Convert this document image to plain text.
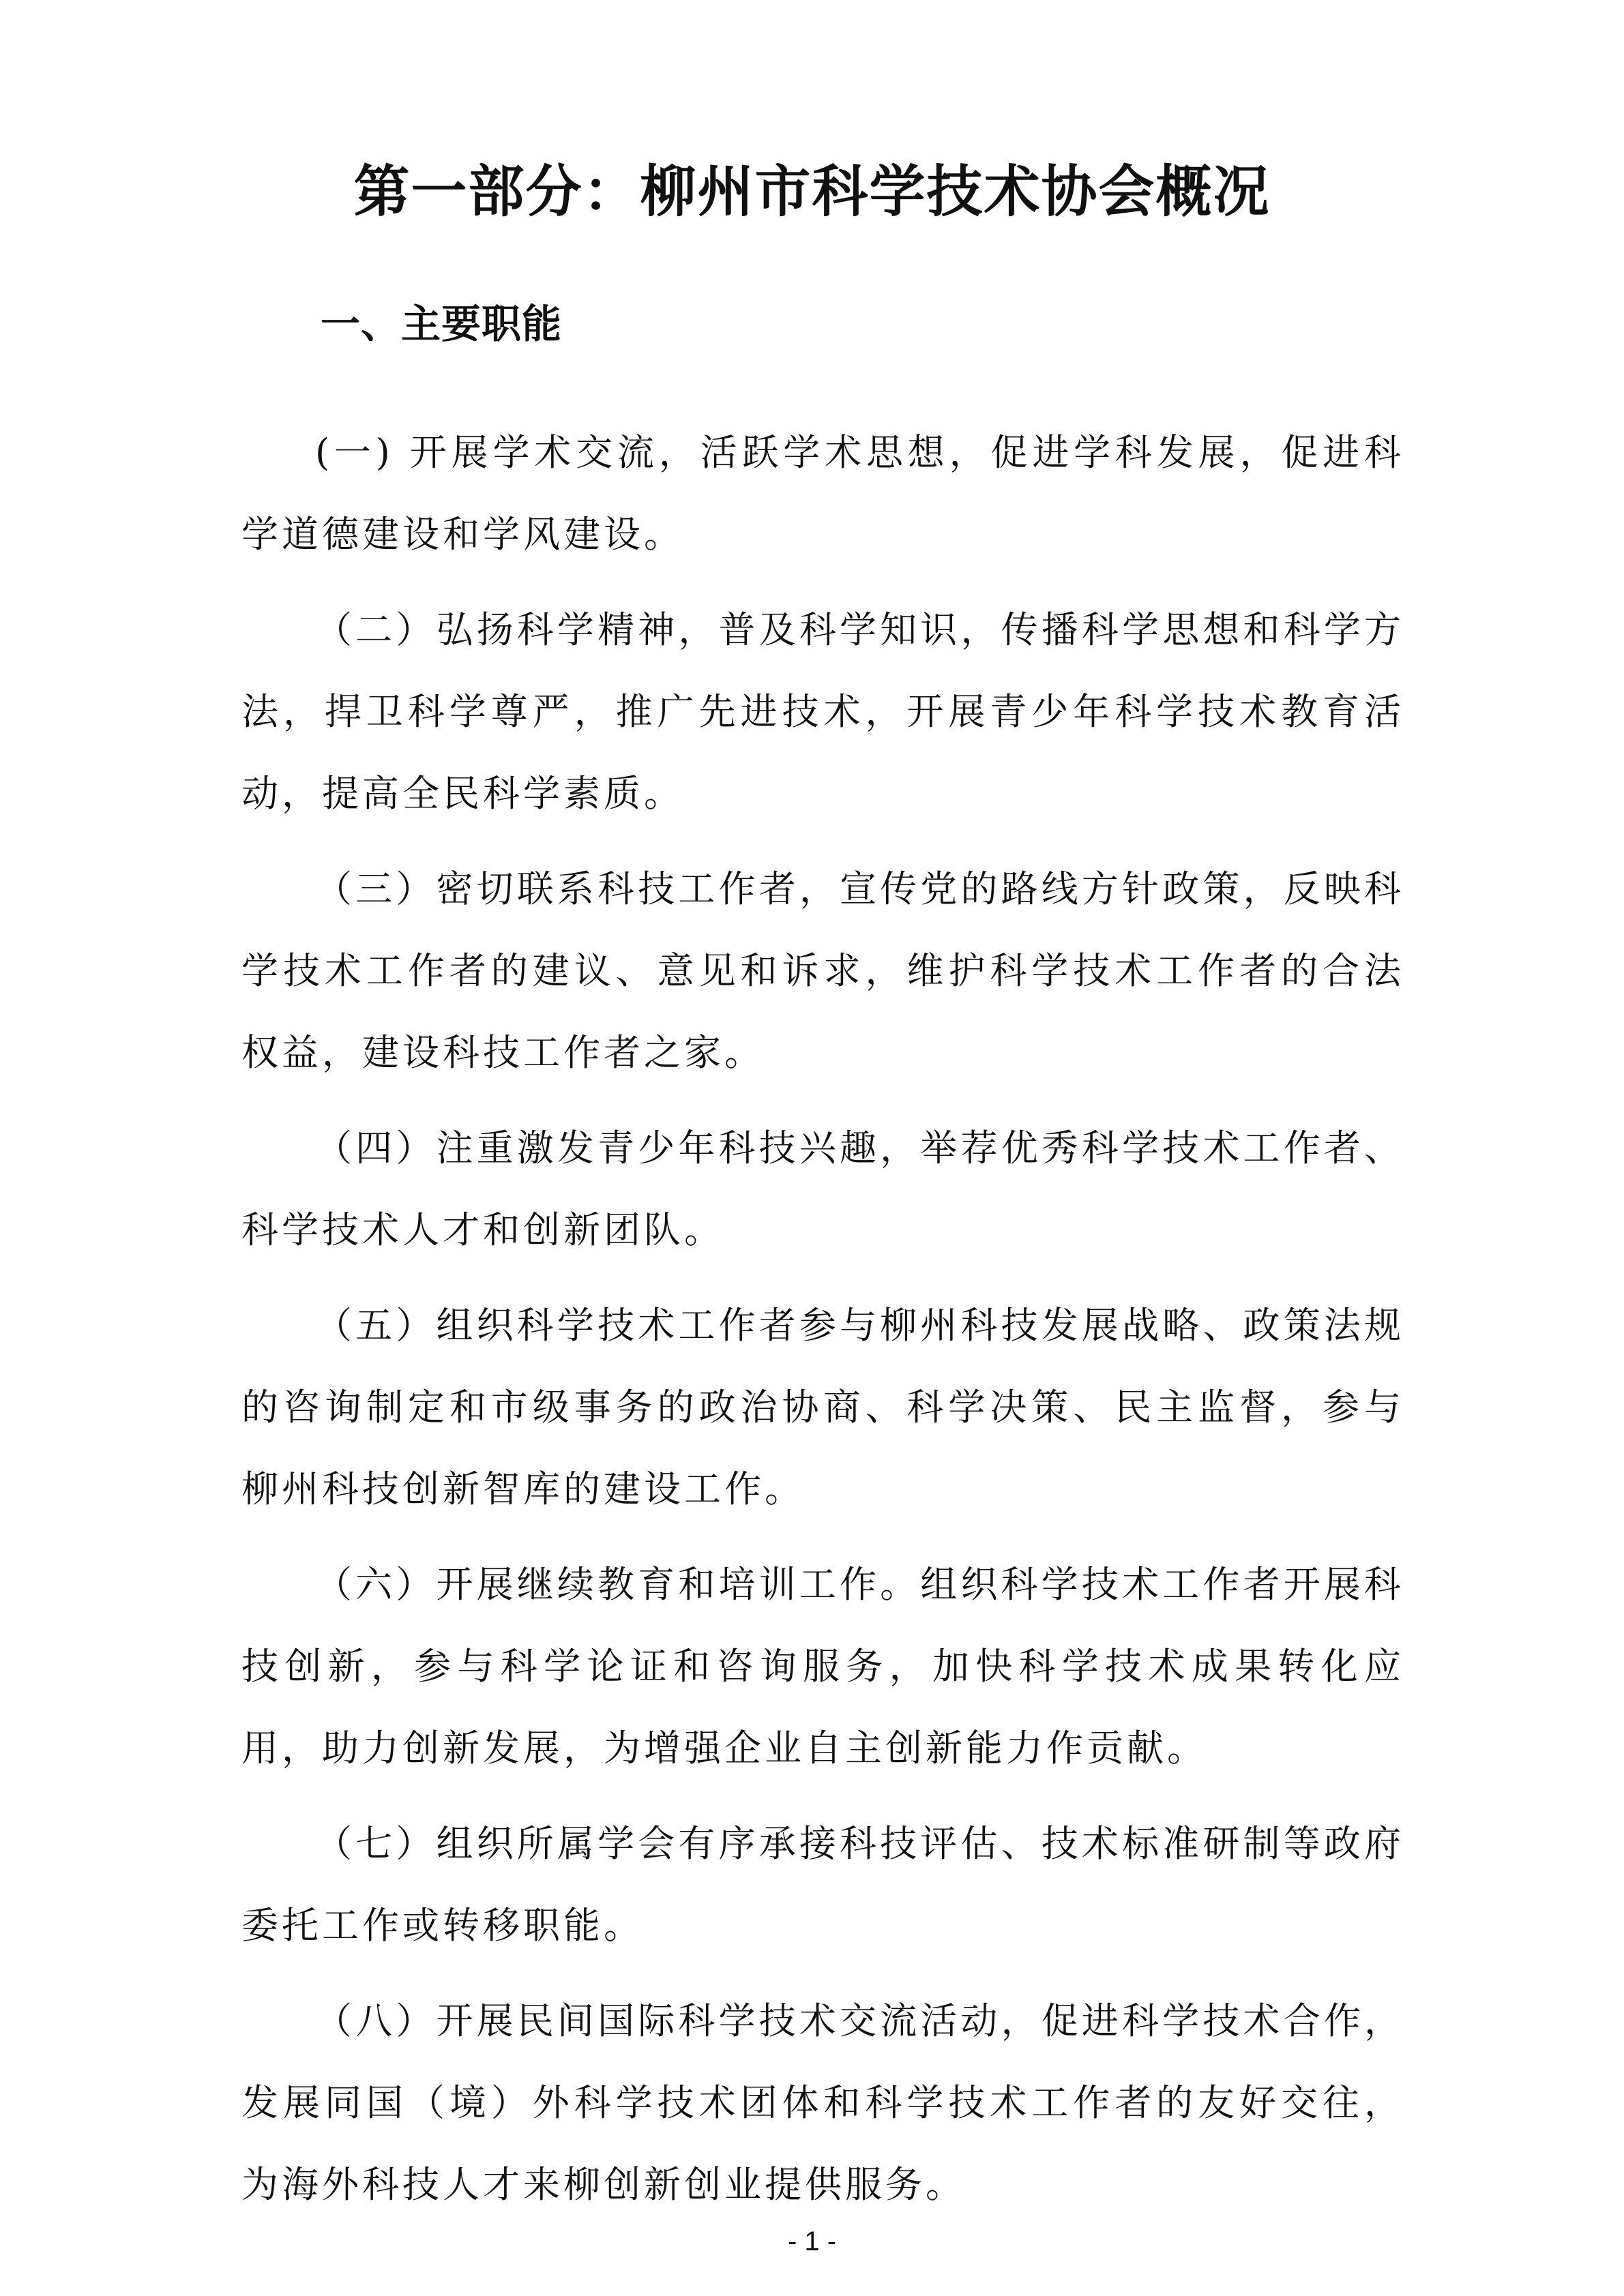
第一部分：柳州市科学技术协会概况
一、主要职能

(一) 开展学术交流，活跃学术思想，促进学科发展，促进科学道德建设和学风建设。

（二）弘扬科学精神，普及科学知识，传播科学思想和科学方法，捍卫科学尊严，推广先进技术，开展青少年科学技术教育活动，提高全民科学素质。

（三）密切联系科技工作者，宣传党的路线方针政策，反映科学技术工作者的建议、意见和诉求，维护科学技术工作者的合法权益，建设科技工作者之家。

（四）注重激发青少年科技兴趣，举荐优秀科学技术工作者、科学技术人才和创新团队。

（五）组织科学技术工作者参与柳州科技发展战略、政策法规的咨询制定和市级事务的政治协商、科学决策、民主监督，参与柳州科技创新智库的建设工作。

（六）开展继续教育和培训工作。组织科学技术工作者开展科技创新，参与科学论证和咨询服务，加快科学技术成果转化应用，助力创新发展，为增强企业自主创新能力作贡献。

（七）组织所属学会有序承接科技评估、技术标准研制等政府委托工作或转移职能。

（八）开展民间国际科学技术交流活动，促进科学技术合作，发展同国（境）外科学技术团体和科学技术工作者的友好交往，为海外科技人才来柳创新创业提供服务。

- 1 -
